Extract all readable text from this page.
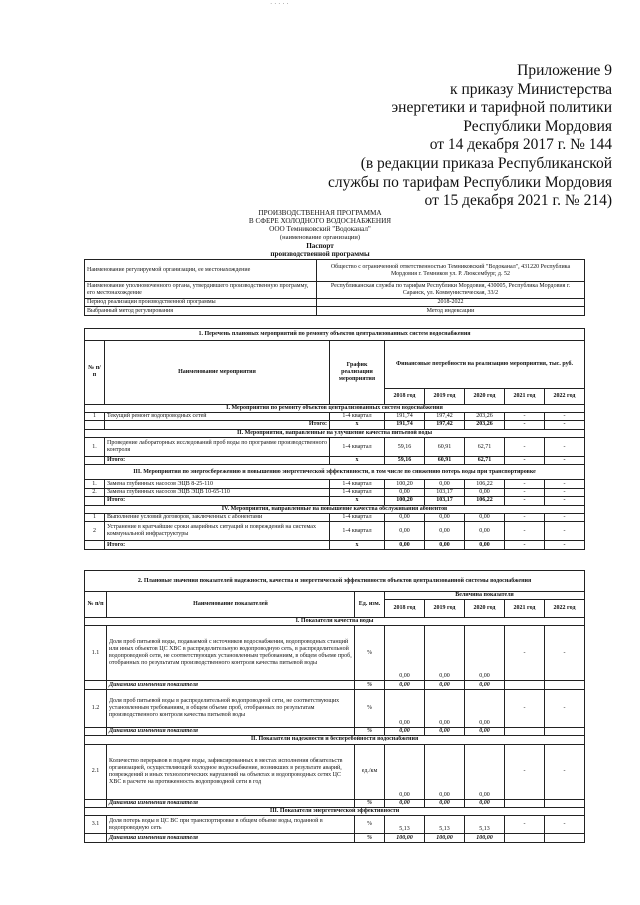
· · · · ·
Приложение 9
к приказу Министерства
энергетики и тарифной политики
Республики Мордовия
от 14 декабря 2017 г. № 144
(в редакции приказа Республиканской
службы по тарифам Республики Мордовия
от 15 декабря 2021 г. № 214)
ПРОИЗВОДСТВЕННАЯ ПРОГРАММА
В СФЕРЕ ХОЛОДНОГО ВОДОСНАБЖЕНИЯ
ООО Темниковский "Водоканал"
(наименование организации)
Паспорт
производственной программы
Наименование регулируемой организации, ее местонахождение	Общество с ограниченной ответственностью Темниковский "Водоканал", 431220 Республика Мордовия г. Темников ул. Р. Люксембург, д. 52
Наименование уполномоченного органа, утвердившего производственную программу, его местонахождение	Республиканская служба по тарифам Республики Мордовия, 430005, Республика Мордовия г. Саранск, ул. Коммунистическая, 33/2
Период реализации производственной программы	2018-2022
Выбранный метод регулирования	Метод индексации

1. Перечень плановых мероприятий по ремонту объектов централизованных систем водоснабжения							
№ п/п	Наименование мероприятия	График реализации мероприятия	Финансовые потребности на реализацию мероприятия, тыс. руб.				
			2018 год	2019 год	2020 год	2021 год	2022 год
I. Мероприятия по ремонту объектов централизованных систем водоснабжения							
1	Текущий ремонт водопроводных сетей	1-4 квартал	191,74	197,42	203,26	-	-
	Итого:	х	191,74	197,42	203,26	-	-
II. Мероприятия, направленные на улучшение качества питьевой воды							
1.	Проведение лабораторных исследований проб воды по программе производственного контроля	1-4 квартал	59,16	60,91	62,71	-	-
	Итого:	х	59,16	60,91	62,71	-	-
III. Мероприятия по энергосбережению и повышению энергетической эффективности, в том числе по снижению потерь воды при транспортировке							
1.	Замена глубинных насосов ЭЦВ 8-25-110	1-4 квартал	100,20	0,00	106,22	-	-
2.	Замена глубинных насосов ЭЦВ ЭЦВ 10-65-110	1-4 квартал	0,00	103,17	0,00	-	-
	Итого:	х	100,20	103,17	106,22	-	-
IV. Мероприятия, направленные на повышение качества обслуживания абонентов							
1	Выполнение условий договоров, заключенных с абонентами	1-4 квартал	0,00	0,00	0,00	-	-
2	Устранение в кратчайшие сроки аварийных ситуаций и повреждений на системах коммунальной инфраструктуры	1-4 квартал	0,00	0,00	0,00	-	-
	Итого:	х	0,00	0,00	0,00	-	-
2. Плановые значения показателей надежности, качества и энергетической эффективности объектов централизованной системы водоснабжения							
№ п/п	Наименование показателей	Ед. изм.	Величина показателя				
			2018 год	2019 год	2020 год	2021 год	2022 год
I. Показатели качества воды							
1.1	Доля проб питьевой воды, подаваемой с источников водоснабжения, водопроводных станций или иных объектов ЦС ХВС в распределительную водопроводную сеть, в распределительной водопроводной сети, не соответствующих установленным требованиям, в общем объеме проб, отобранных по результатам производственного контроля качества питьевой воды	%	0,00	0,00	0,00	-	-
	Динамика изменения показателя	%	0,00	0,00	0,00		
1.2	Доля проб питьевой воды в распределительной водопроводной сети, не соответствующих установленным требованиям, в общем объеме проб, отобранных по результатам производственного контроля качества питьевой воды	%	0,00	0,00	0,00	-	-
	Динамика изменения показателя	%	0,00	0,00	0,00		
II. Показатели надежности и бесперебойности водоснабжения							
2.1	Количество перерывов в подаче воды, зафиксированных в местах исполнения обязательств организацией, осуществляющей холодное водоснабжение, возникших в результате аварий, повреждений и иных технологических нарушений на объектах и водопроводных сетях ЦС ХВС в расчете на протяженность водопроводной сети в год	ед./км	0,00	0,00	0,00	-	-
	Динамика изменения показателя	%	0,00	0,00	0,00		
III. Показатели энергетической эффективности							
3.1	Доля потерь воды в ЦС ВС при транспортировке в общем объеме воды, поданной в водопроводную сеть	%	5,13	5,13	5,13	-	-
	Динамика изменения показателя	%	100,00	100,00	100,00		
